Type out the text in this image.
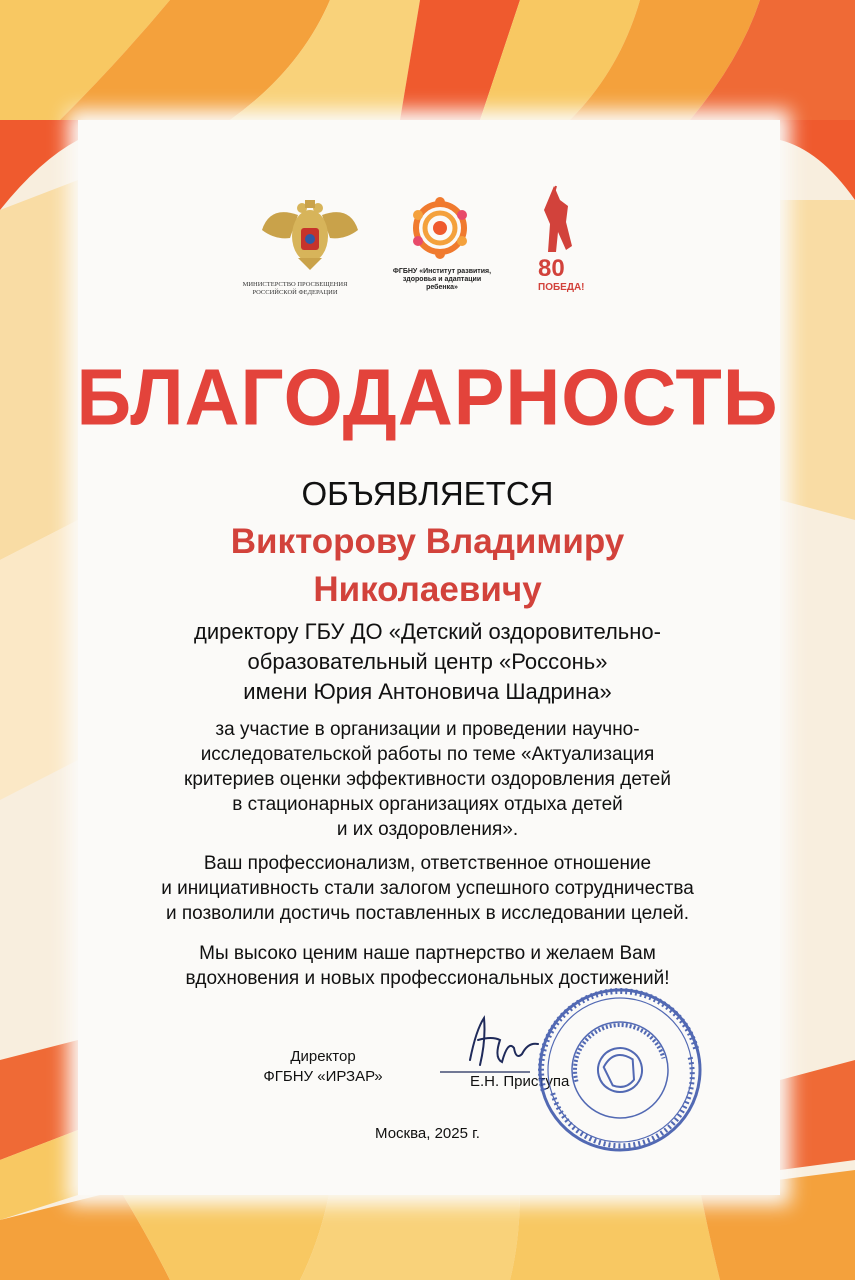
80
ПОБЕДА!
МИНИСТЕРСТВО ПРОСВЕЩЕНИЯ РОССИЙСКОЙ ФЕДЕРАЦИИ
ФГБНУ «Институт развития,
здоровья и адаптации
ребенка»
БЛАГОДАРНОСТЬ
ОБЪЯВЛЯЕТСЯ
Викторову Владимиру
Николаевичу
директору ГБУ ДО «Детский оздоровительно-
образовательный центр «Россонь»
имени Юрия Антоновича Шадрина»
за участие в организации и проведении научно-
исследовательской работы по теме «Актуализация
критериев оценки эффективности оздоровления детей
в стационарных организациях отдыха детей
и их оздоровления».
Ваш профессионализм, ответственное отношение
и инициативность стали залогом успешного сотрудничества
и позволили достичь поставленных в исследовании целей.
Мы высоко ценим наше партнерство и желаем Вам
вдохновения и новых профессиональных достижений!
Директор
ФГБНУ «ИРЗАР»	Е.Н. Приступа
Москва, 2025 г.
